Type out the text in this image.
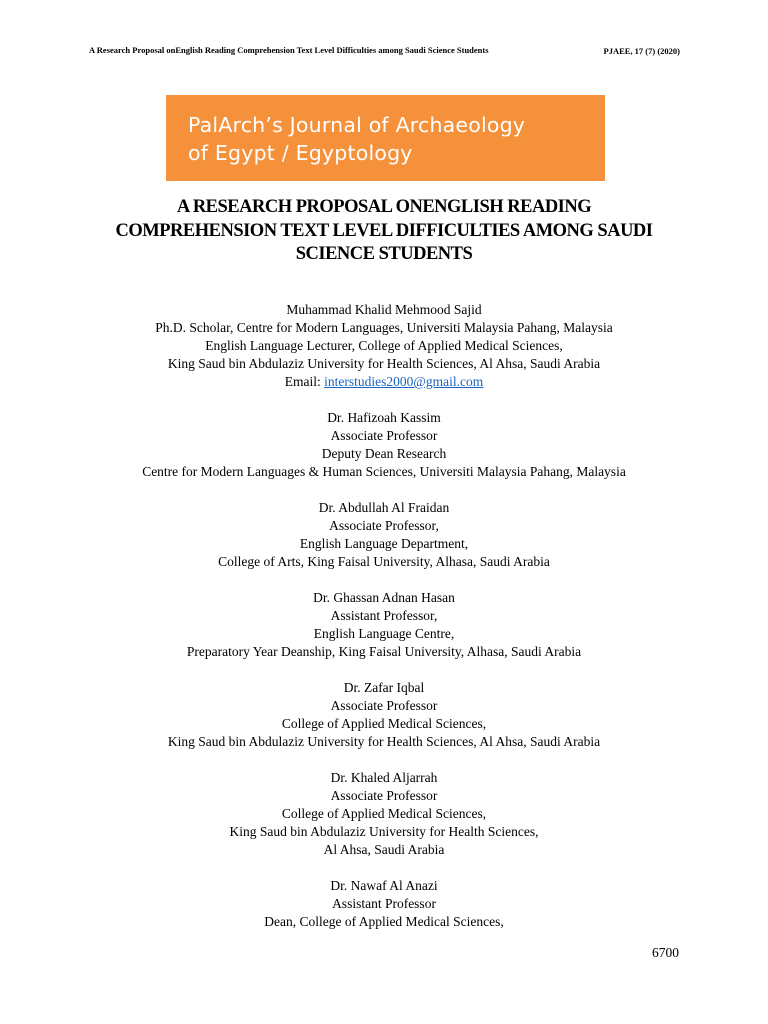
A Research Proposal onEnglish Reading Comprehension Text Level Difficulties among Saudi Science Students	PJAEE, 17 (7) (2020)
PalArch’s Journal of Archaeology
of Egypt / Egyptology
A RESEARCH PROPOSAL ONENGLISH READING
COMPREHENSION TEXT LEVEL DIFFICULTIES AMONG SAUDI
SCIENCE STUDENTS
Muhammad Khalid Mehmood Sajid
Ph.D. Scholar, Centre for Modern Languages, Universiti Malaysia Pahang, Malaysia
English Language Lecturer, College of Applied Medical Sciences,
King Saud bin Abdulaziz University for Health Sciences, Al Ahsa, Saudi Arabia
Email: interstudies2000@gmail.com
Dr. Hafizoah Kassim
Associate Professor
Deputy Dean Research
Centre for Modern Languages & Human Sciences, Universiti Malaysia Pahang, Malaysia
Dr. Abdullah Al Fraidan
Associate Professor,
English Language Department,
College of Arts, King Faisal University, Alhasa, Saudi Arabia
Dr. Ghassan Adnan Hasan
Assistant Professor,
English Language Centre,
Preparatory Year Deanship, King Faisal University, Alhasa, Saudi Arabia
Dr. Zafar Iqbal
Associate Professor
College of Applied Medical Sciences,
King Saud bin Abdulaziz University for Health Sciences, Al Ahsa, Saudi Arabia
Dr. Khaled Aljarrah
Associate Professor
College of Applied Medical Sciences,
King Saud bin Abdulaziz University for Health Sciences,
Al Ahsa, Saudi Arabia
Dr. Nawaf Al Anazi
Assistant Professor
Dean, College of Applied Medical Sciences,
6700
